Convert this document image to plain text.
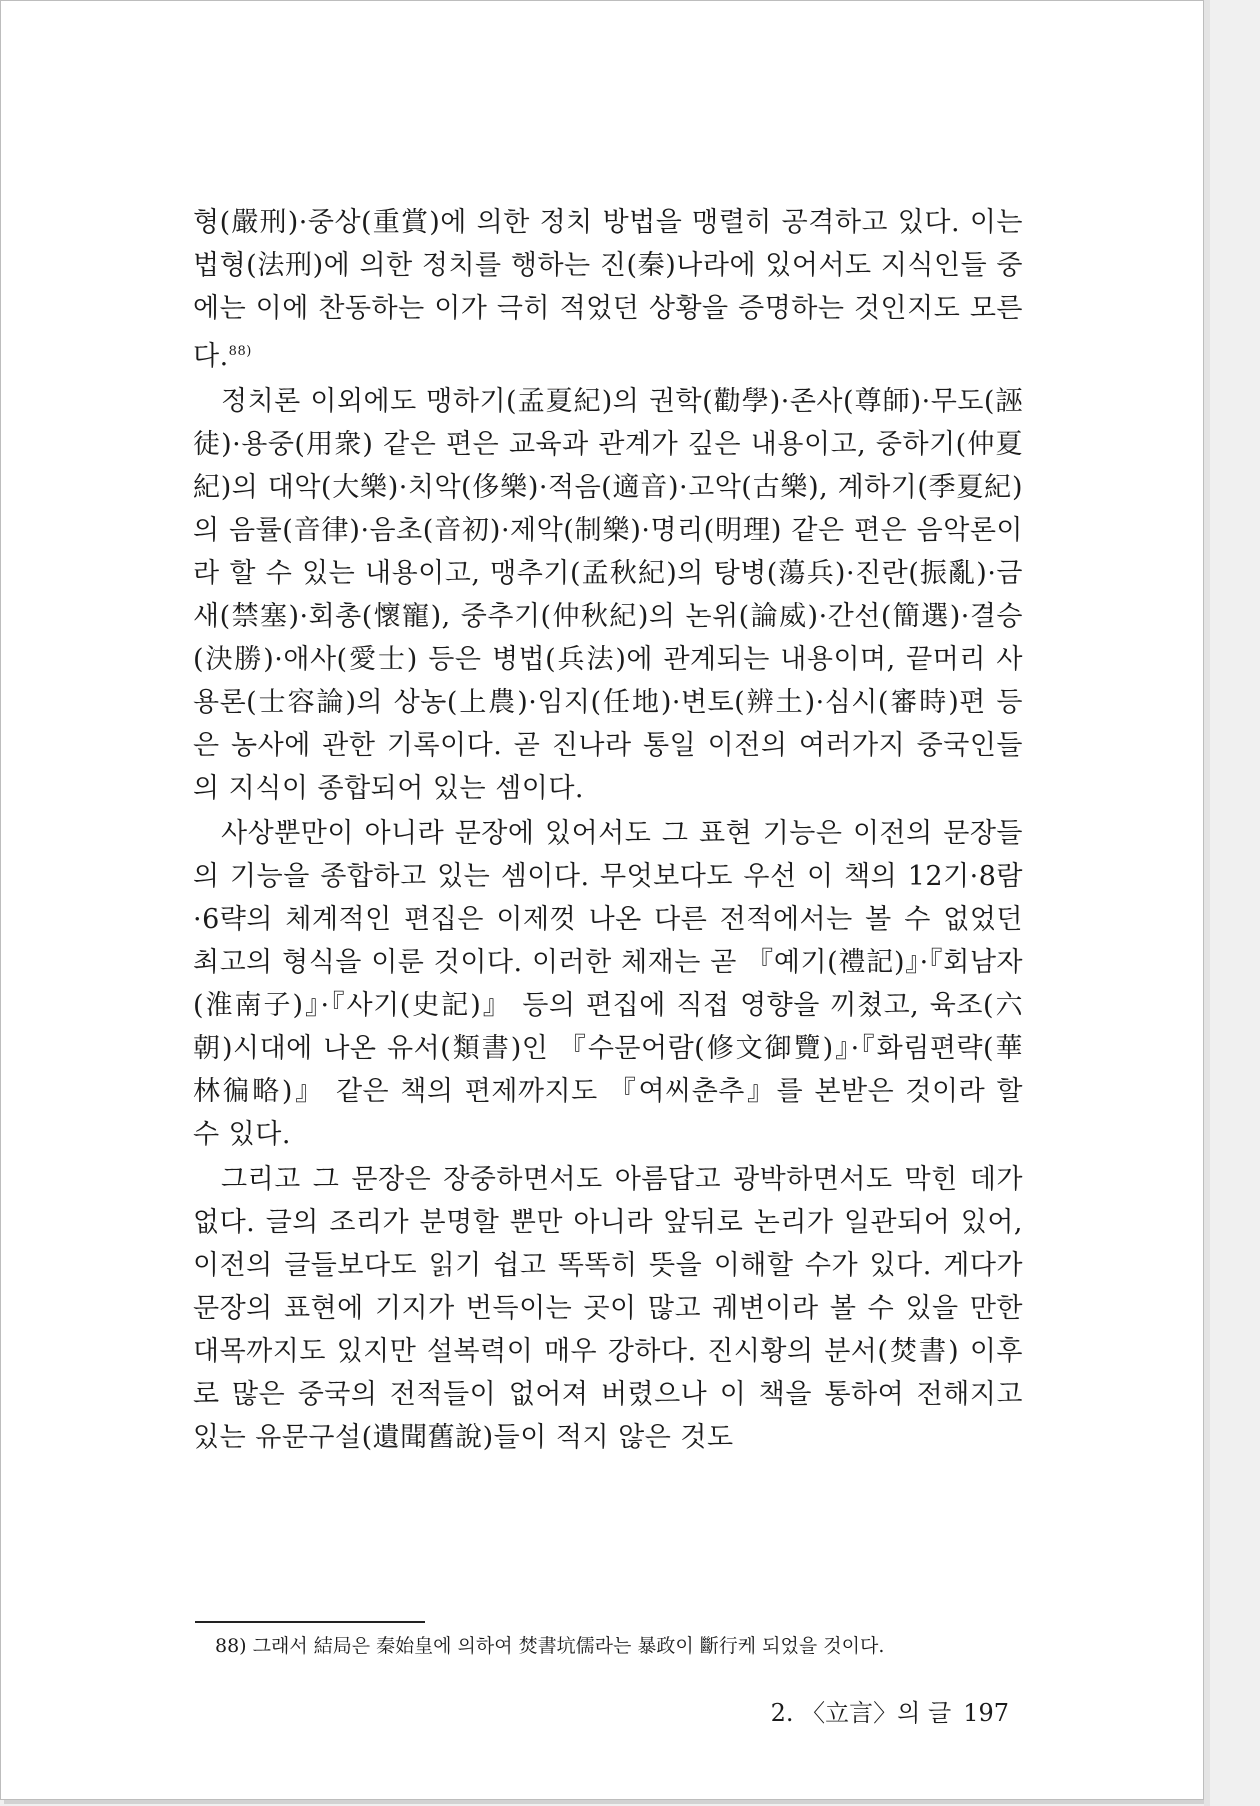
형(嚴刑)·중상(重賞)에 의한 정치 방법을 맹렬히 공격하고 있다. 이는 법형(法刑)에 의한 정치를 행하는 진(秦)나라에 있어서도 지식인들 중에는 이에 찬동하는 이가 극히 적었던 상황을 증명하는 것인지도 모른다.$^{88)}$

정치론 이외에도 맹하기(孟夏紀)의 권학(勸學)·존사(尊師)·무도(誣徒)·용중(用衆) 같은 편은 교육과 관계가 깊은 내용이고, 중하기(仲夏紀)의 대악(大樂)·치악(侈樂)·적음(適音)·고악(古樂), 계하기(季夏紀)의 음률(音律)·음초(音初)·제악(制樂)·명리(明理) 같은 편은 음악론이라 할 수 있는 내용이고, 맹추기(孟秋紀)의 탕병(蕩兵)·진란(振亂)·금새(禁塞)·회총(懷寵), 중추기(仲秋紀)의 논위(論威)·간선(簡選)·결승(決勝)·애사(愛士) 등은 병법(兵法)에 관계되는 내용이며, 끝머리 사용론(士容論)의 상농(上農)·임지(任地)·변토(辨土)·심시(審時)편 등은 농사에 관한 기록이다. 곧 진나라 통일 이전의 여러가지 중국인들의 지식이 종합되어 있는 셈이다.

사상뿐만이 아니라 문장에 있어서도 그 표현 기능은 이전의 문장들의 기능을 종합하고 있는 셈이다. 무엇보다도 우선 이 책의 12기·8람·6략의 체계적인 편집은 이제껏 나온 다른 전적에서는 볼 수 없었던 최고의 형식을 이룬 것이다. 이러한 체재는 곧 『예기(禮記)』·『회남자(淮南子)』·『사기(史記)』 등의 편집에 직접 영향을 끼쳤고, 육조(六朝)시대에 나온 유서(類書)인 『수문어람(修文御覽)』·『화림편략(華林徧略)』 같은 책의 편제까지도 『여씨춘추』를 본받은 것이라 할 수 있다.

그리고 그 문장은 장중하면서도 아름답고 광박하면서도 막힌 데가 없다. 글의 조리가 분명할 뿐만 아니라 앞뒤로 논리가 일관되어 있어, 이전의 글들보다도 읽기 쉽고 똑똑히 뜻을 이해할 수가 있다. 게다가 문장의 표현에 기지가 번득이는 곳이 많고 궤변이라 볼 수 있을 만한 대목까지도 있지만 설복력이 매우 강하다. 진시황의 분서(焚書) 이후로 많은 중국의 전적들이 없어져 버렸으나 이 책을 통하여 전해지고 있는 유문구설(遺聞舊說)들이 적지 않은 것도

88) 그래서 結局은 秦始皇에 의하여 焚書坑儒라는 暴政이 斷行케 되었을 것이다.
2. 〈立言〉의 글 197
